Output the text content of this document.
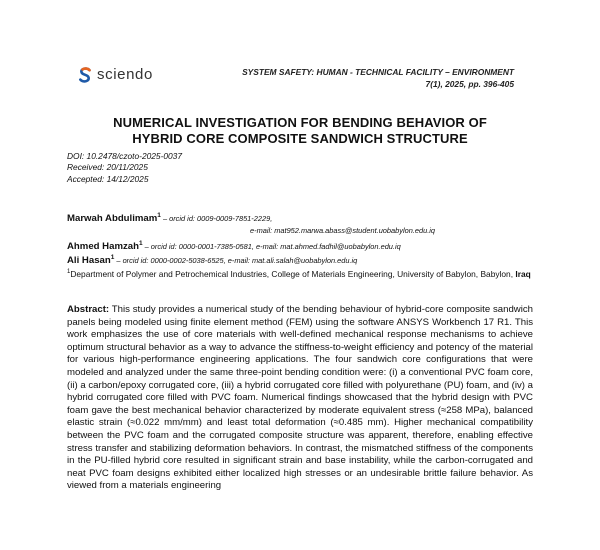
sciendo	SYSTEM SAFETY: HUMAN - TECHNICAL FACILITY – ENVIRONMENT
7(1), 2025, pp. 396-405
NUMERICAL INVESTIGATION FOR BENDING BEHAVIOR OF
HYBRID CORE COMPOSITE SANDWICH STRUCTURE
DOI: 10.2478/czoto-2025-0037
Received: 20/11/2025
Accepted: 14/12/2025
Marwah Abdulimam$^1$ – orcid id: 0009-0009-7851-2229,
e-mail: mat952.marwa.abass@student.uobabylon.edu.iq
Ahmed Hamzah$^1$ – orcid id: 0000-0001-7385-0581, e-mail: mat.ahmed.fadhil@uobabylon.edu.iq
Ali Hasan$^1$ – orcid id: 0000-0002-5038-6525, e-mail: mat.ali.salah@uobabylon.edu.iq
$^1$Department of Polymer and Petrochemical Industries, College of Materials Engineering, University of Babylon, Babylon, Iraq
Abstract: This study provides a numerical study of the bending behaviour of hybrid-core composite sandwich panels being modeled using finite element method (FEM) using the software ANSYS Workbench 17 R1. This work emphasizes the use of core materials with well-defined mechanical response mechanisms to achieve optimum structural behavior as a way to advance the stiffness-to-weight efficiency and potency of the material for various high-performance engineering applications. The four sandwich core configurations that were modeled and analyzed under the same three-point bending condition were: (i) a conventional PVC foam core, (ii) a carbon/epoxy corrugated core, (iii) a hybrid corrugated core filled with polyurethane (PU) foam, and (iv) a hybrid corrugated core filled with PVC foam. Numerical findings showcased that the hybrid design with PVC foam gave the best mechanical behavior characterized by moderate equivalent stress (≈258 MPa), balanced elastic strain (≈0.022 mm/mm) and least total deformation (≈0.485 mm). Higher mechanical compatibility between the PVC foam and the corrugated composite structure was apparent, therefore, enabling effective stress transfer and stabilizing deformation behaviors. In contrast, the mismatched stiffness of the components in the PU-filled hybrid core resulted in significant strain and base instability, while the carbon-corrugated and neat PVC foam designs exhibited either localized high stresses or an undesirable brittle failure behavior. As viewed from a materials engineering
